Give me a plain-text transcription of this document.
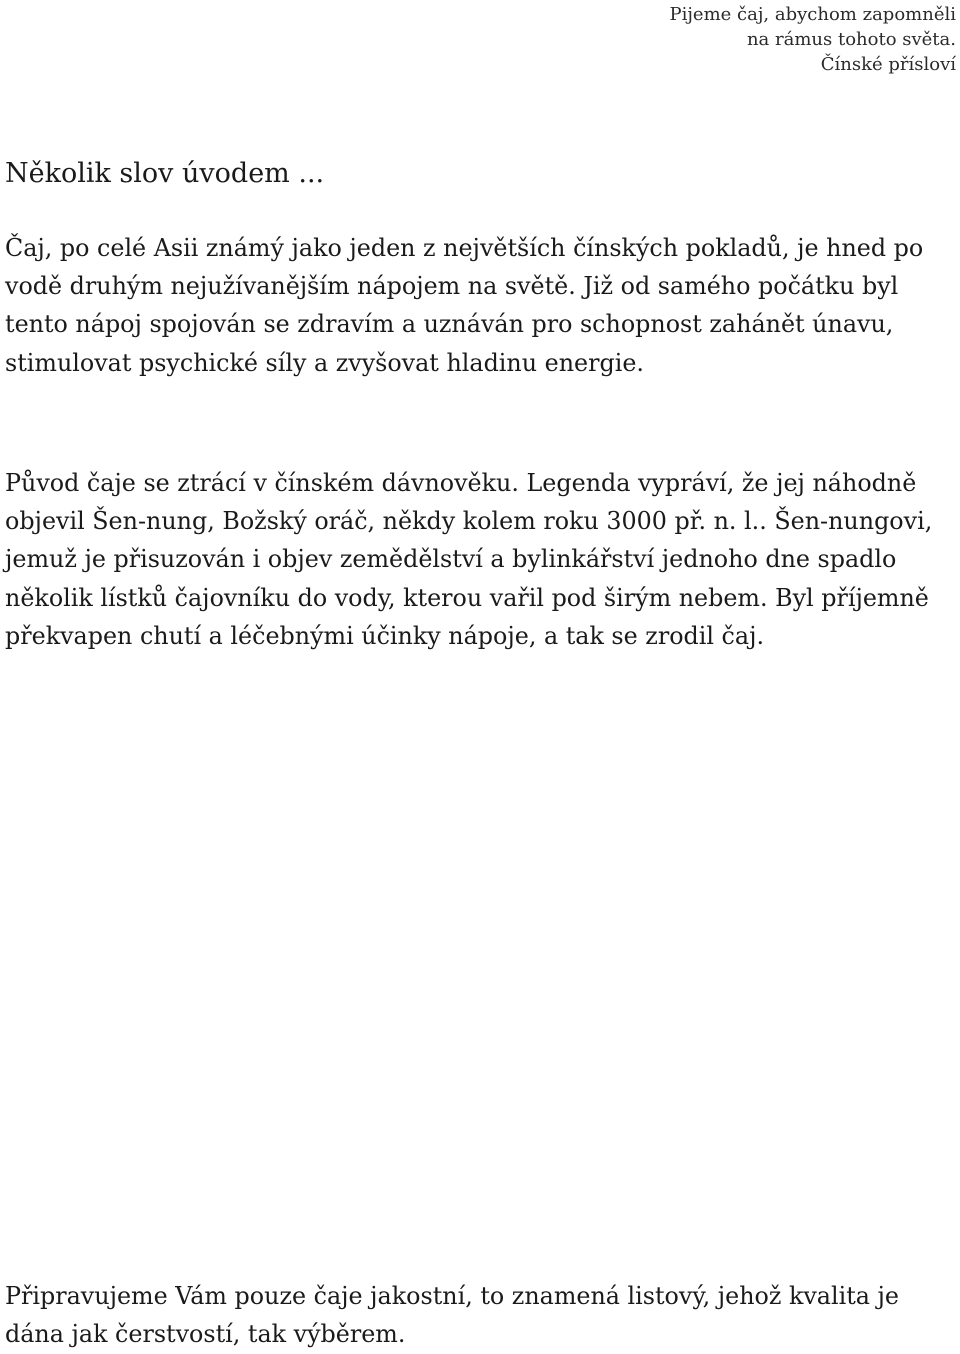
Pijeme čaj, abychom zapomněli
na rámus tohoto světa.
Čínské přísloví
Několik slov úvodem ...

Čaj, po celé Asii známý jako jeden z největších čínských pokladů, je hned po vodě druhým nejužívanějším nápojem na světě. Již od samého počátku byl tento nápoj spojován se zdravím a uznáván pro schopnost zahánět únavu, stimulovat psychické síly a zvyšovat hladinu energie.

Původ čaje se ztrácí v čínském dávnověku. Legenda vypráví, že jej náhodně objevil Šen-nung, Božský oráč, někdy kolem roku 3000 př. n. l.. Šen-nungovi, jemuž je přisuzován i objev zemědělství a bylinkářství jednoho dne spadlo několik lístků čajovníku do vody, kterou vařil pod širým nebem. Byl příjemně překvapen chutí a léčebnými účinky nápoje, a tak se zrodil čaj.

Připravujeme Vám pouze čaje jakostní, to znamená listový, jehož kvalita je dána jak čerstvostí, tak výběrem.
